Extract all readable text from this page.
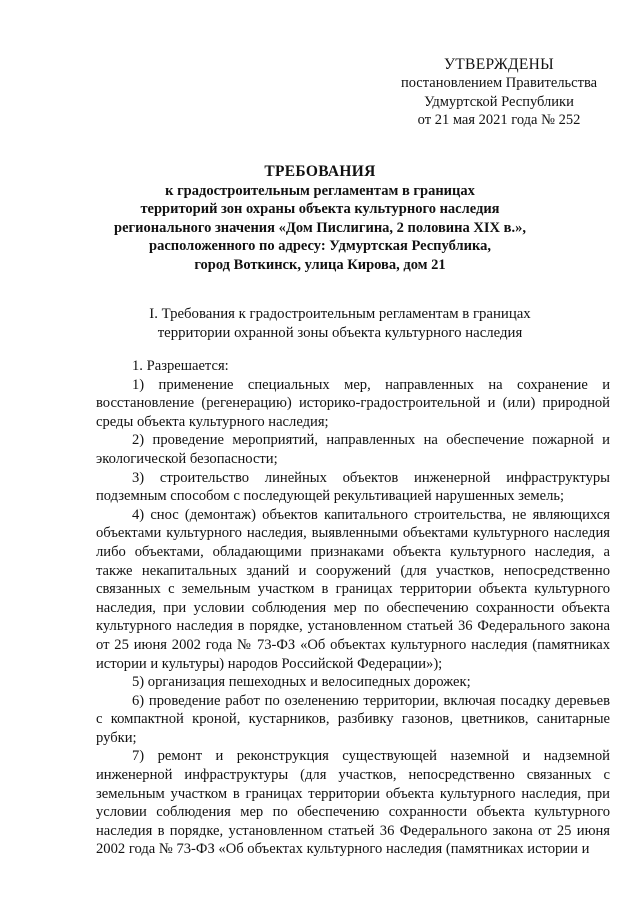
УТВЕРЖДЕНЫ
постановлением Правительства
Удмуртской Республики
от 21 мая 2021 года № 252
ТРЕБОВАНИЯ
к градостроительным регламентам в границах
территорий зон охраны объекта культурного наследия
регионального значения «Дом Пислигина, 2 половина XIX в.»,
расположенного по адресу: Удмуртская Республика,
город Воткинск, улица Кирова, дом 21
I. Требования к градостроительным регламентам в границах
территории охранной зоны объекта культурного наследия

1. Разрешается:

1) применение специальных мер, направленных на сохранение и восстановление (регенерацию) историко-градостроительной и (или) природной среды объекта культурного наследия;

2) проведение мероприятий, направленных на обеспечение пожарной и экологической безопасности;

3) строительство линейных объектов инженерной инфраструктуры подземным способом с последующей рекультивацией нарушенных земель;

4) снос (демонтаж) объектов капитального строительства, не являющихся объектами культурного наследия, выявленными объектами культурного наследия либо объектами, обладающими признаками объекта культурного наследия, а также некапитальных зданий и сооружений (для участков, непосредственно связанных с земельным участком в границах территории объекта культурного наследия, при условии соблюдения мер по обеспечению сохранности объекта культурного наследия в порядке, установленном статьей 36 Федерального закона от 25 июня 2002 года № 73-ФЗ «Об объектах культурного наследия (памятниках истории и культуры) народов Российской Федерации»);

5) организация пешеходных и велосипедных дорожек;

6) проведение работ по озеленению территории, включая посадку деревьев с компактной кроной, кустарников, разбивку газонов, цветников, санитарные рубки;

7) ремонт и реконструкция существующей наземной и надземной инженерной инфраструктуры (для участков, непосредственно связанных с земельным участком в границах территории объекта культурного наследия, при условии соблюдения мер по обеспечению сохранности объекта культурного наследия в порядке, установленном статьей 36 Федерального закона от 25 июня 2002 года № 73-ФЗ «Об объектах культурного наследия (памятниках истории и
